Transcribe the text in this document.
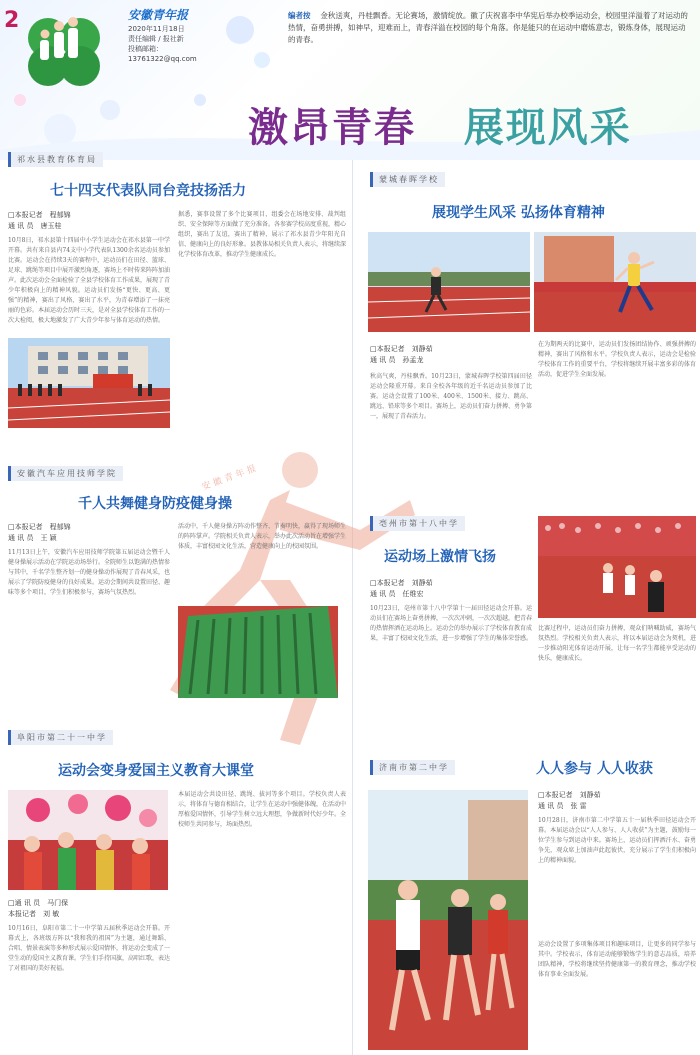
2	安徽青年报
2020年11月18日
责任编辑 / 报社新
投稿邮箱：
13761322@qq.com
编者按　 金秋送爽，丹桂飘香。无论赛场，激情绽放。徽了庆祝喜李中华宪后举办校季运动会，校园里洋溢着了对运动的热情，奋勇拼搏，如神早，迎难而上，青春洋溢在校园的每个角落。你是能只的在运动中磨炼意志，锻炼身体，展现运动的青春。
激昂青春 展现风采
安徽青年报
祁水县教育体育局
七十四支代表队同台竞技扬活力
□本报记者　程郁锦
通 讯 员　唐玉桂
10月8日，祁水县第十四届中小学生运动会在祁水县第一中学开幕。共有来自县内74支中小学代表队1300余名运动员参加比赛。运动会在持续3天的赛程中，运动员们在田径、篮球、足球、跳绳等项目中展开激烈角逐，赛场上不时传来阵阵加油声。此次运动会全面检验了全县学校体育工作成果，展现了青少年积极向上的精神风貌。运动员们发扬“更快、更高、更强”的精神，赛出了风格，赛出了水平，为青春增添了一抹亮丽的色彩。本届运动会历时三天，是对全县学校体育工作的一次大检阅，极大地激发了广大青少年参与体育运动的热情。
据悉，赛事设置了多个比赛项目，组委会在场地安排、裁判组织、安全保障等方面做了充分准备。各参赛学校高度重视，精心组织，赛出了友谊，赛出了精神，展示了祁水县青少年阳光自信、健康向上的良好形象。县教体局相关负责人表示，将继续深化学校体育改革，推动学生健康成长。
安徽汽车应用技师学院
千人共舞健身防疫健身操
□本报记者　程郁锦
通 讯 员　王 颖
11月13日上午，安徽汽车应用技师学院第五届运动会暨千人健身操展示活动在学院运动场举行。全院师生以饱满的热情参与其中，千名学生整齐划一的健身操动作展现了青春风采，也展示了学院防疫健身的良好成果。运动会期间共设置田径、趣味等多个项目，学生们积极参与，赛场气氛热烈。
活动中，千人健身操方阵动作整齐、节奏明快，赢得了现场师生的阵阵掌声。学院相关负责人表示，举办此次活动旨在增强学生体质，丰富校园文化生活，营造健康向上的校园氛围。
阜阳市第二十一中学
运动会变身爱国主义教育大课堂
□通 讯 员　马门保
本报记者　刘 敏
10月16日，阜阳市第二十一中学第五届秋季运动会开幕。开幕式上，各班级方阵以“我和我的祖国”为主题，通过舞蹈、合唱、情景表演等多种形式展示爱国情怀，将运动会变成了一堂生动的爱国主义教育课。学生们手持国旗，高唱红歌，表达了对祖国的美好祝福。
本届运动会共设田径、跳绳、拔河等多个项目。学校负责人表示，将体育与德育相结合，让学生在运动中强健体魄，在活动中厚植爱国情怀，引导学生树立远大理想，争做新时代好少年。全校师生共同参与，场面热烈。
蒙城春晖学校
展现学生风采 弘扬体育精神
□本报记者　刘静茹
通 讯 员　孙孟龙
秋高气爽，丹桂飘香。10月23日，蒙城春晖学校第四届田径运动会隆重开幕。来自全校各年级的近千名运动员参加了比赛。运动会设置了100米、400米、1500米、接力、跳高、跳远、铅球等多个项目。赛场上，运动员们奋力拼搏、勇争第一，展现了青春活力。
在为期两天的比赛中，运动员们发扬团结协作、顽强拼搏的精神，赛出了风格和水平。学校负责人表示，运动会是检验学校体育工作的重要平台，学校将继续开展丰富多彩的体育活动，促进学生全面发展。
亳州市第十八中学
运动场上激情飞扬
□本报记者　刘静茹
通 讯 员　任维宏
10月23日，亳州市第十八中学第十一届田径运动会开幕。运动员们在赛场上奋勇拼搏，一次次冲刺，一次次超越，把青春的热情挥洒在运动场上。运动会的举办展示了学校体育教育成果，丰富了校园文化生活，进一步增强了学生的集体荣誉感。
比赛过程中，运动员们奋力拼搏，观众们呐喊助威，赛场气氛热烈。学校相关负责人表示，将以本届运动会为契机，进一步推动阳光体育运动开展，让每一名学生都能享受运动的快乐，健康成长。
济南市第二中学	人人参与 人人收获
□本报记者　刘静茹
通 讯 员　张 雷
10月28日，济南市第二中学第五十一届秋季田径运动会开幕。本届运动会以“人人参与、人人收获”为主题，鼓励每一位学生参与到运动中来。赛场上，运动员们挥洒汗水、奋勇争先，观众席上加油声此起彼伏，充分展示了学生们积极向上的精神面貌。
运动会设置了多项集体项目和趣味项目，让更多的同学参与其中。学校表示，体育运动能够锻炼学生的意志品质，培养团队精神，学校将继续坚持健康第一的教育理念，推动学校体育事业全面发展。
